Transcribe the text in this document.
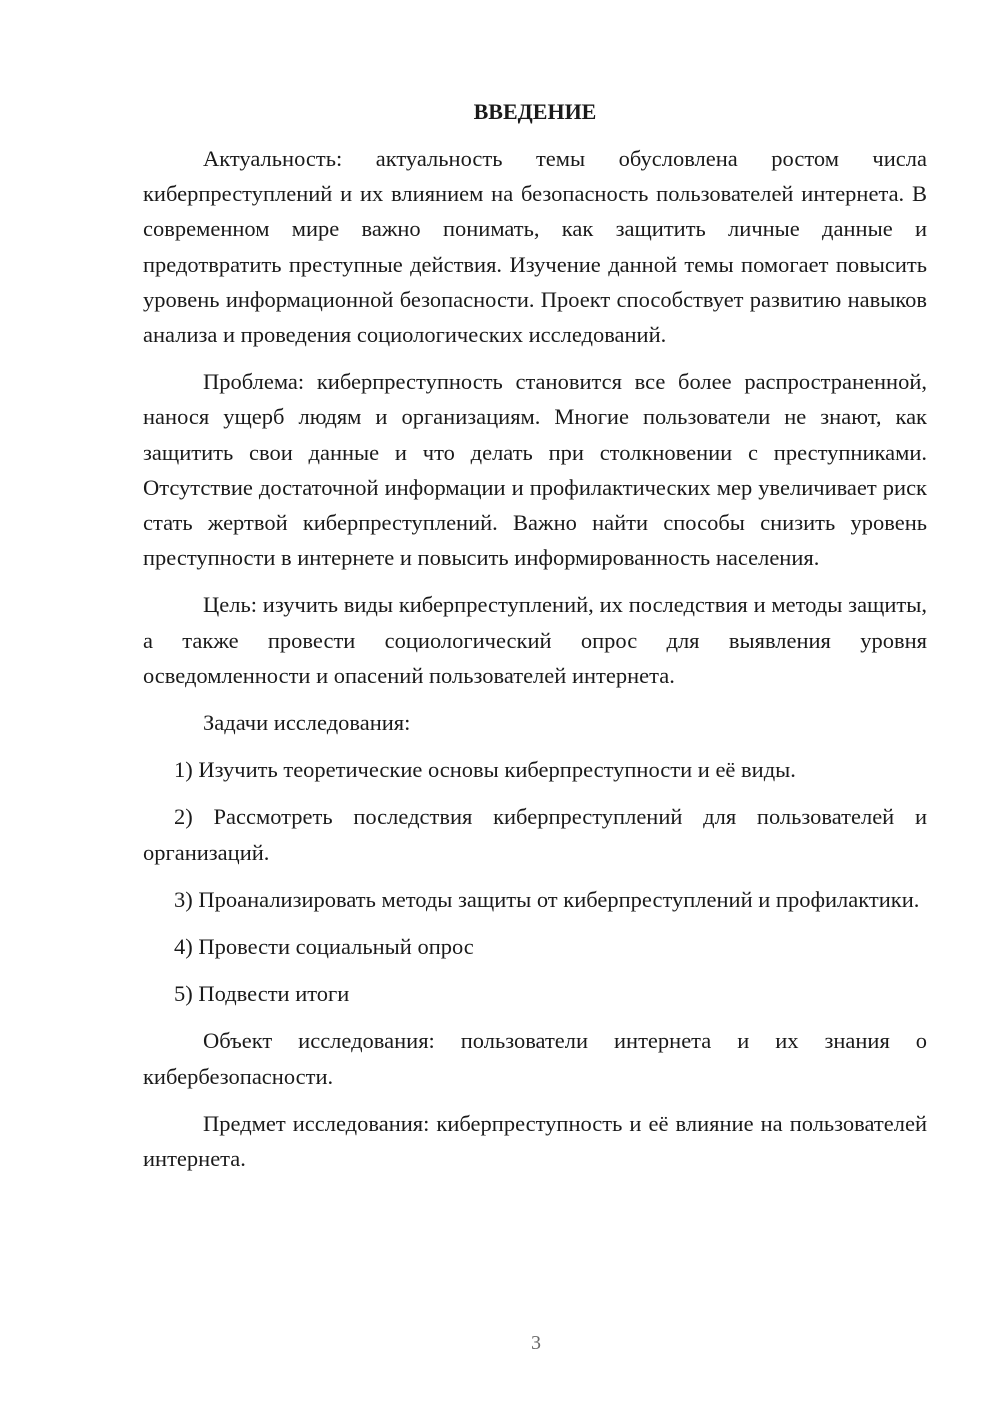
ВВЕДЕНИЕ

Актуальность: актуальность темы обусловлена ростом числа киберпреступлений и их влиянием на безопасность пользователей интернета. В современном мире важно понимать, как защитить личные данные и предотвратить преступные действия. Изучение данной темы помогает повысить уровень информационной безопасности. Проект способствует развитию навыков анализа и проведения социологических исследований.

Проблема: киберпреступность становится все более распространенной, нанося ущерб людям и организациям. Многие пользователи не знают, как защитить свои данные и что делать при столкновении с преступниками. Отсутствие достаточной информации и профилактических мер увеличивает риск стать жертвой киберпреступлений. Важно найти способы снизить уровень преступности в интернете и повысить информированность населения.

Цель: изучить виды киберпреступлений, их последствия и методы защиты, а также провести социологический опрос для выявления уровня осведомленности и опасений пользователей интернета.

Задачи исследования:

1) Изучить теоретические основы киберпреступности и её виды.

2) Рассмотреть последствия киберпреступлений для пользователей и организаций.

3) Проанализировать методы защиты от киберпреступлений и профилактики.

4) Провести социальный опрос

5) Подвести итоги

Объект исследования: пользователи интернета и их знания о кибербезопасности.

Предмет исследования: киберпреступность и её влияние на пользователей интернета.

3
